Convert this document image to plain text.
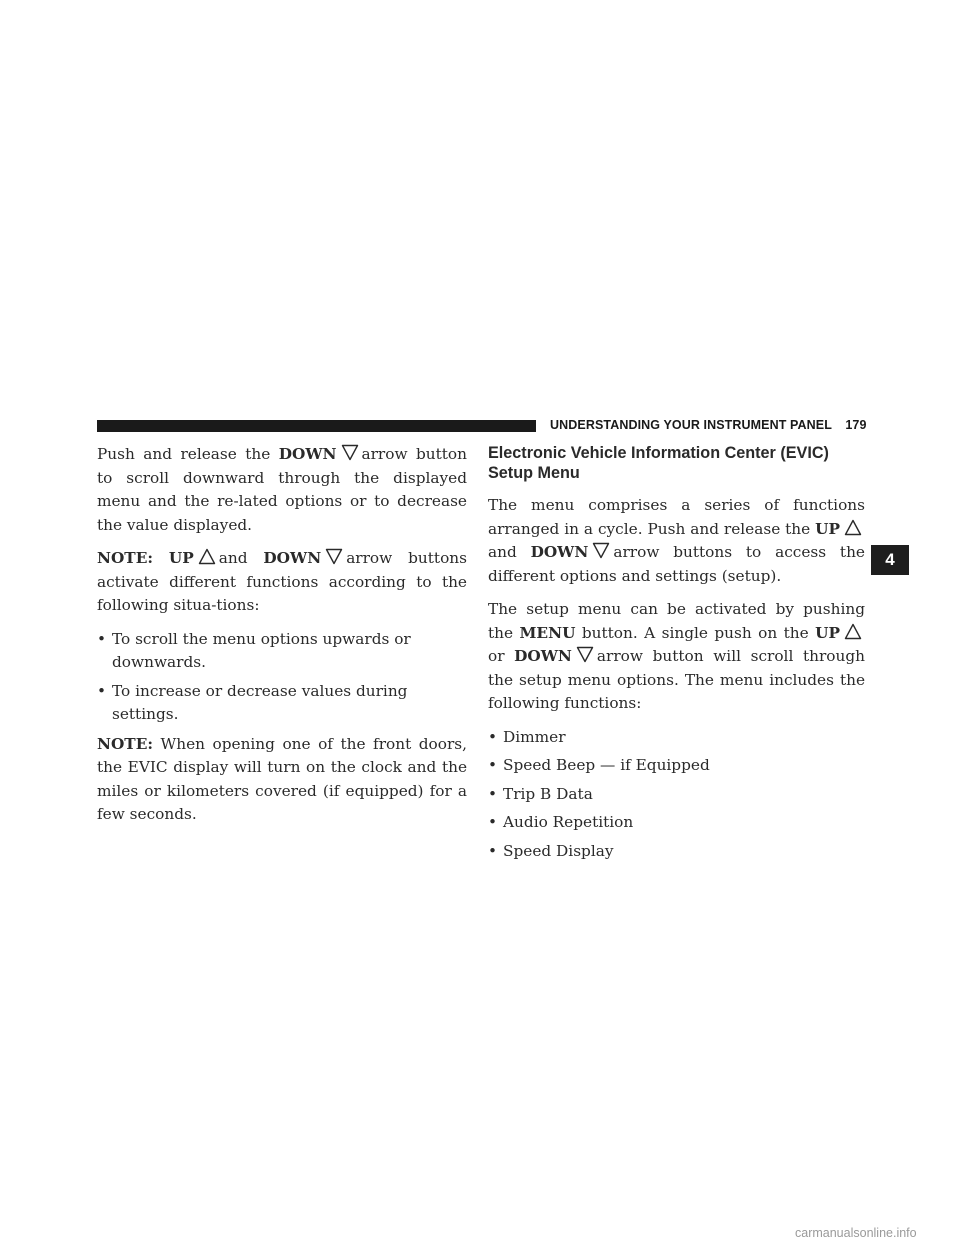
UNDERSTANDING YOUR INSTRUMENT PANEL 179
4

Push and release the DOWN arrow button to scroll downward through the displayed menu and the re-lated options or to decrease the value displayed.

NOTE: UP and DOWN arrow buttons activate different functions according to the following situa-tions:

• To scroll the menu options upwards or downwards.
• To increase or decrease values during settings.

NOTE: When opening one of the front doors, the EVIC display will turn on the clock and the miles or kilometers covered (if equipped) for a few seconds.

Electronic Vehicle Information Center (EVIC) Setup Menu

The menu comprises a series of functions arranged in a cycle. Push and release the UP
and DOWN arrow buttons to access the different options and settings (setup).

The setup menu can be activated by pushing the MENU button. A single push on the UP
or DOWN arrow button will scroll through the setup menu options. The menu includes the following functions:

• Dimmer
• Speed Beep — if Equipped
• Trip B Data
• Audio Repetition
• Speed Display
carmanualsonline.info
